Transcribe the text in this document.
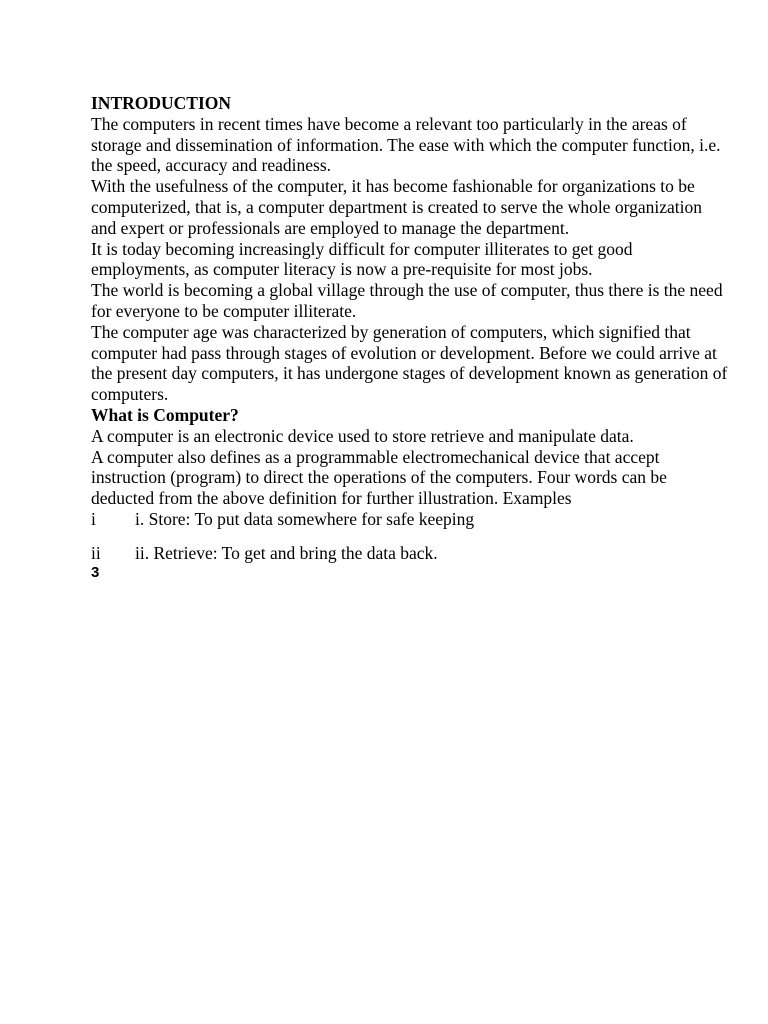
INTRODUCTION

The computers in recent times have become a relevant too particularly in the areas of storage and dissemination of information. The ease with which the computer function, i.e. the speed, accuracy and readiness.

With the usefulness of the computer, it has become fashionable for organizations to be computerized, that is, a computer department is created to serve the whole organization and expert or professionals are employed to manage the department.

It is today becoming increasingly difficult for computer illiterates to get good employments, as computer literacy is now a pre-requisite for most jobs.

The world is becoming a global village through the use of computer, thus there is the need for everyone to be computer illiterate.

The computer age was characterized by generation of computers, which signified that computer had pass through stages of evolution or development. Before we could arrive at the present day computers, it has undergone stages of development known as generation of computers.

What is Computer?

A computer is an electronic device used to store retrieve and manipulate data.

A computer also defines as a programmable electromechanical device that accept instruction (program) to direct the operations of the computers. Four words can be deducted from the above definition for further illustration. Examples

i	i. Store: To put data somewhere for safe keeping
ii	ii. Retrieve: To get and bring the data back.

3
